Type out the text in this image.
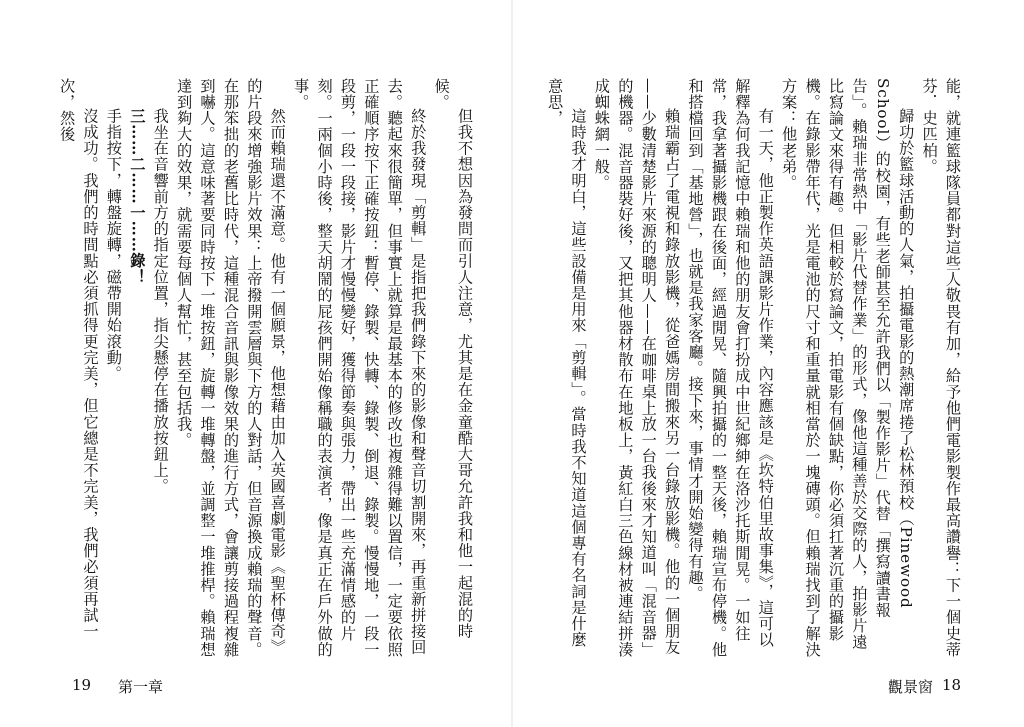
但我不想因為發問而引人注意，尤其是在金童酷大哥允許我和他一起混的時候。

終於我發現「剪輯」是指把我們錄下來的影像和聲音切割開來，再重新拼接回去。聽起來很簡單，但事實上就算是最基本的修改也複雜得難以置信，一定要依照正確順序按下正確按鈕：暫停、錄製、快轉、錄製、倒退、錄製。慢慢地，一段一段剪，一段一段接，影片才慢慢變好，獲得節奏與張力，帶出一些充滿情感的片刻。一兩個小時後，整天胡鬧的屁孩們開始像稱職的表演者，像是真正在戶外做的事。

然而賴瑞還不滿意。他有一個願景，他想藉由加入英國喜劇電影《聖杯傳奇》的片段來增強影片效果：上帝撥開雲層與下方的人對話，但音源換成賴瑞的聲音。在那笨拙的老舊比時代，這種混合音訊與影像效果的進行方式，會讓剪接過程複雜到嚇人。這意味著要同時按下一堆按鈕，旋轉一堆轉盤，並調整一堆推桿。賴瑞想達到夠大的效果，就需要每個人幫忙，甚至包括我。

我坐在音響前方的指定位置，指尖懸停在播放按鈕上。

三……二……一……錄！

手指按下，轉盤旋轉，磁帶開始滾動。

沒成功。我們的時間點必須抓得更完美，但它總是不完美，我們必須再試一次，然後

19 第一章

能，就連籃球隊員都對這些人敬畏有加，給予他們電影製作最高讚譽：下一個史蒂芬．史匹柏。

歸功於籃球活動的人氣，拍攝電影的熱潮席捲了松林預校（Pinewood School）的校園，有些老師甚至允許我們以「製作影片」代替「撰寫讀書報告」。賴瑞非常熱中「影片代替作業」的形式，像他這種善於交際的人，拍影片遠比寫論文來得有趣。但相較於寫論文，拍電影有個缺點，你必須扛著沉重的攝影機。在錄影帶年代，光是電池的尺寸和重量就相當於一塊磚頭。但賴瑞找到了解決方案：他老弟。

有一天，他正製作英語課影片作業，內容應該是《坎特伯里故事集》，這可以解釋為何我記憶中賴瑞和他的朋友會打扮成中世紀鄉紳在洛沙托斯閒晃。一如往常，我拿著攝影機跟在後面，經過閒晃、隨興拍攝的一整天後，賴瑞宣布停機。他和搭檔回到「基地營」，也就是我家客廳。接下來，事情才開始變得有趣。

賴瑞霸占了電視和錄放影機，從爸媽房間搬來另一台錄放影機。他的一個朋友——少數清楚影片來源的聰明人——在咖啡桌上放一台我後來才知道叫「混音器」的機器。混音器裝好後，又把其他器材散布在地板上，黃紅白三色線材被連結拼湊成蜘蛛網一般。

這時我才明白，這些設備是用來「剪輯」。當時我不知道這個專有名詞是什麼意思，

觀景窗 18
